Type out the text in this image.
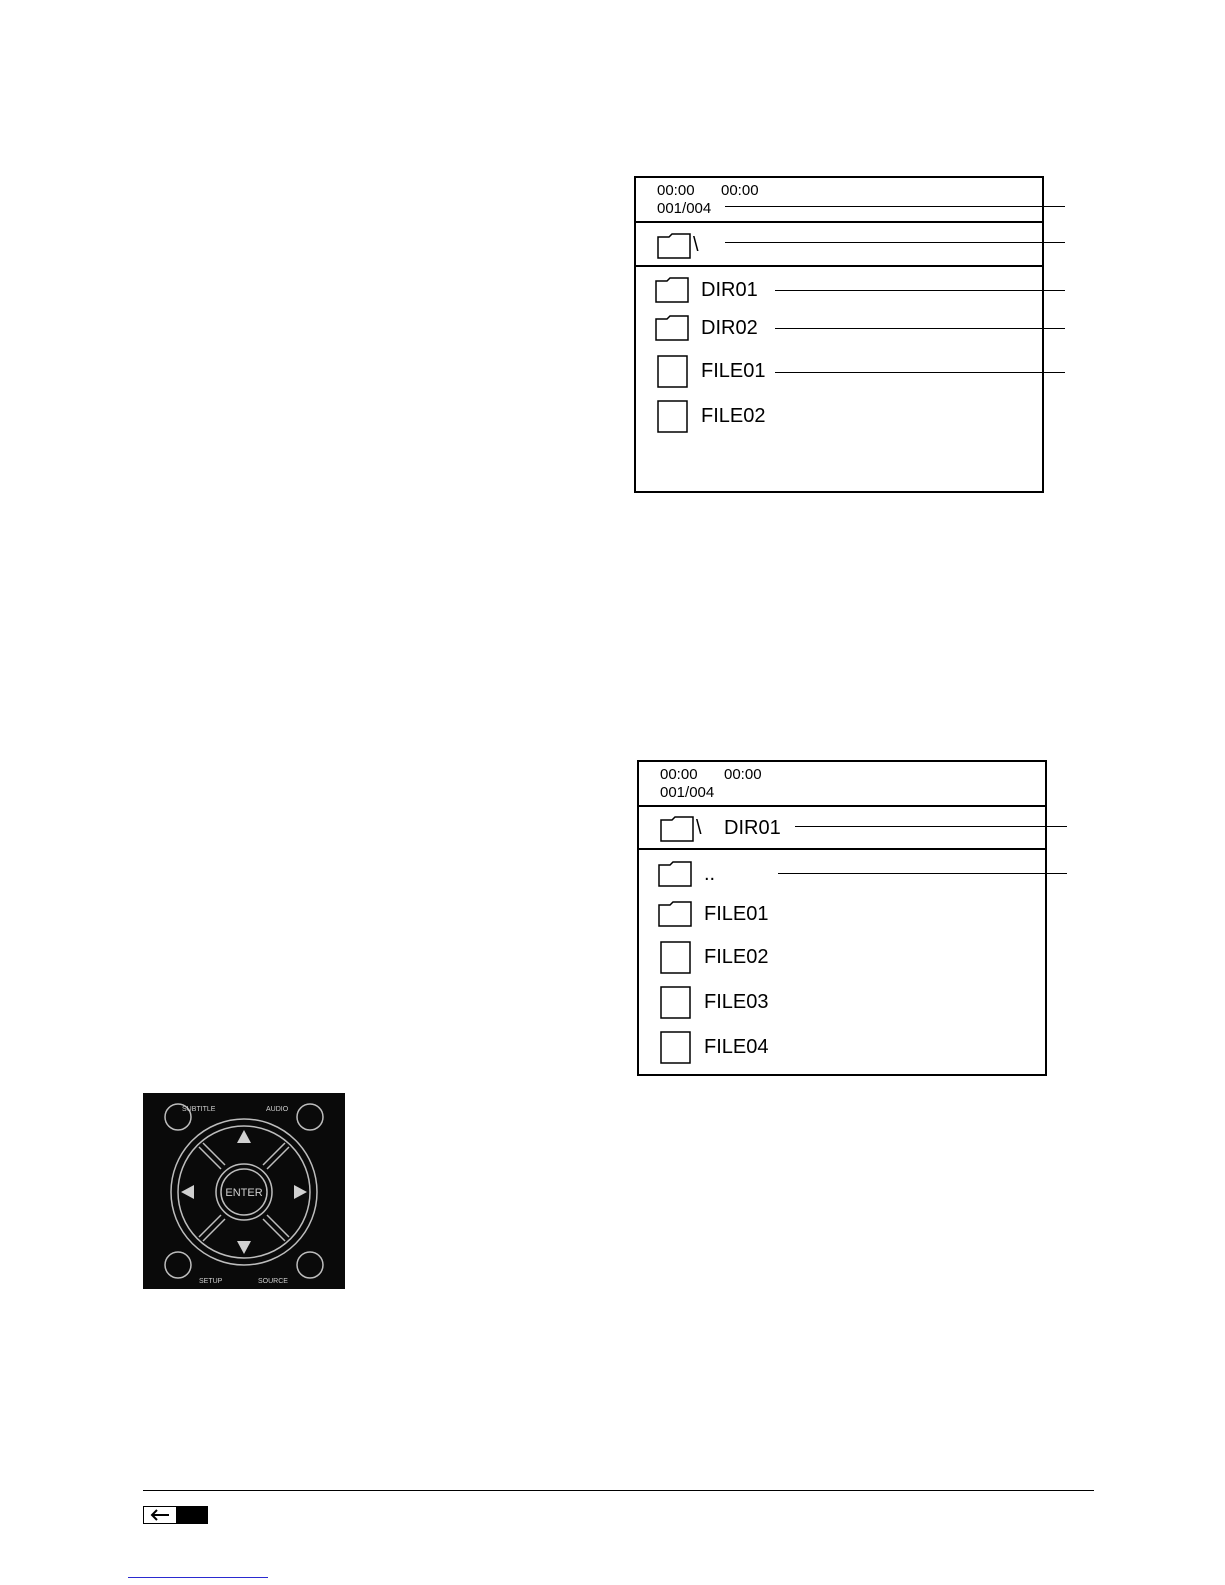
00:00 00:00
001/004
\
DIR01
DIR02
FILE01
FILE02
00:00 00:00
001/004
\ DIR01
..
FILE01
FILE02
FILE03
FILE04
SUBTITLE	AUDIO
ENTER
SETUP	SOURCE
